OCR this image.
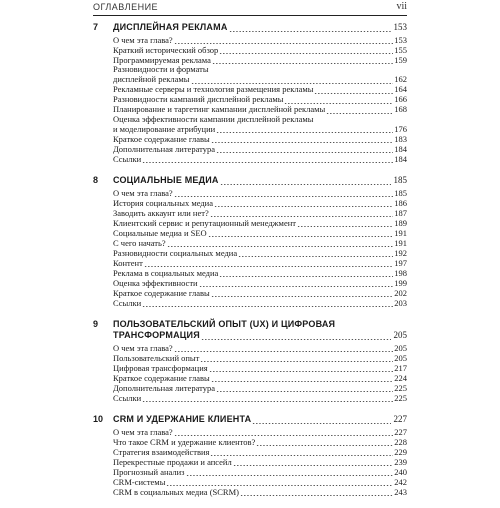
ОГЛАВЛЕНИЕ	vii
7	ДИСПЛЕЙНАЯ РЕКЛАМА	153
О чем эта глава?	153
Краткий исторический обзор	155
Программируемая реклама	159
Разновидности и форматы
дисплейной рекламы	162
Рекламные серверы и технология размещения рекламы	164
Разновидности кампаний дисплейной рекламы	166
Планирование и таргетинг кампании дисплейной рекламы	168
Оценка эффективности кампании дисплейной рекламы
и моделирование атрибуции	176
Краткое содержание главы	183
Дополнительная литература	184
Ссылки	184
8	СОЦИАЛЬНЫЕ МЕДИА	185
О чем эта глава?	185
История социальных медиа	186
Заводить аккаунт или нет?	187
Клиентский сервис и репутационный менеджмент	189
Социальные медиа и SEO	191
С чего начать?	191
Разновидности социальных медиа	192
Контент	197
Реклама в социальных медиа	198
Оценка эффективности	199
Краткое содержание главы	202
Ссылки	203
9	ПОЛЬЗОВАТЕЛЬСКИЙ ОПЫТ (UX) И ЦИФРОВАЯ
ТРАНСФОРМАЦИЯ	205
О чем эта глава?	205
Пользовательский опыт	205
Цифровая трансформация	217
Краткое содержание главы	224
Дополнительная литература	225
Ссылки	225
10	CRM И УДЕРЖАНИЕ КЛИЕНТА	227
О чем эта глава?	227
Что такое CRM и удержание клиентов?	228
Стратегия взаимодействия	229
Перекрестные продажи и апсейл	239
Прогнозный анализ	240
CRM-системы	242
CRM в социальных медиа (SCRM)	243
